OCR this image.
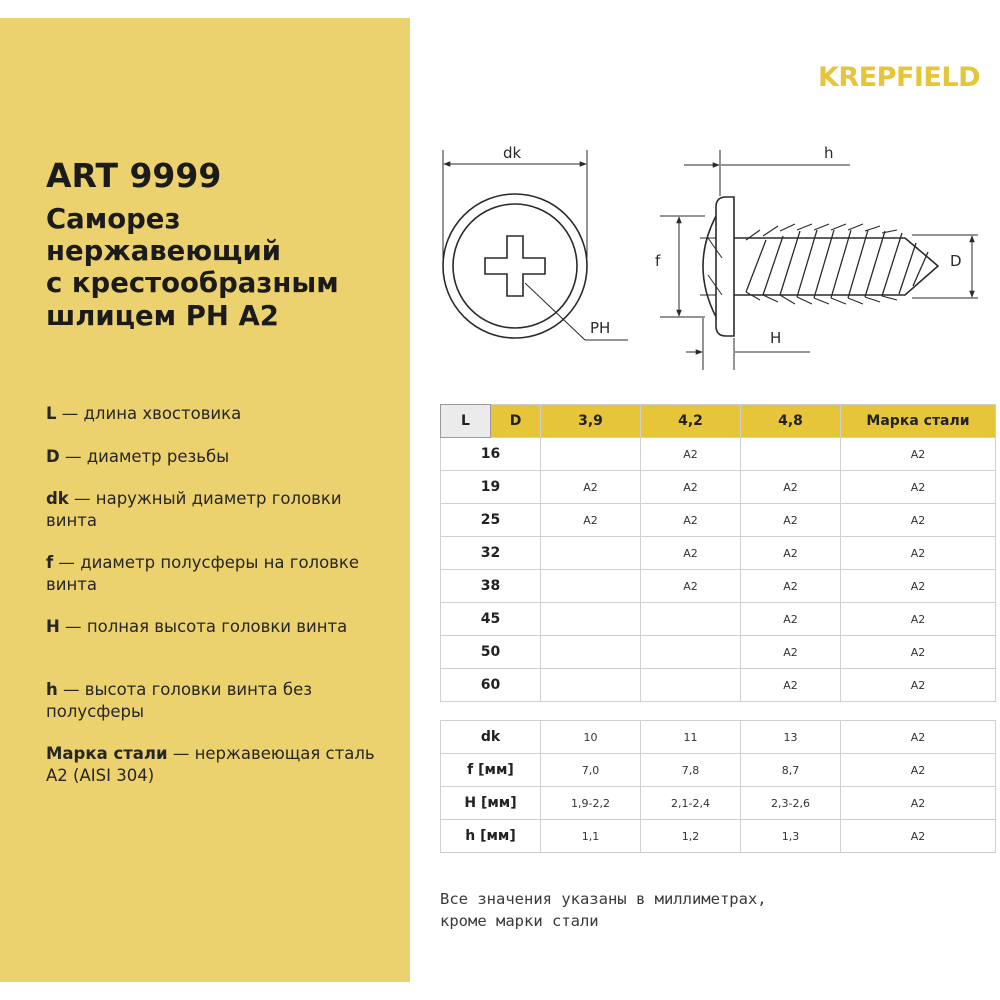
ART 9999
Саморез
нержавеющий
с крестообразным
шлицем PH A2
L — длина хвостовика
D — диаметр резьбы
dk — наружный диаметр головки винта
f — диаметр полусферы на головке винта
H — полная высота головки винта
h — высота головки винта без полусферы
Марка стали — нержавеющая сталь A2 (AISI 304)
KREPFIELD
dk
PH
h
f
H
D
L	D	3,9	4,2	4,8	Марка стали
16			A2		A2
19		A2	A2	A2	A2
25		A2	A2	A2	A2
32			A2	A2	A2
38			A2	A2	A2
45				A2	A2
50				A2	A2
60				A2	A2
dk	10	11	13	A2
f [мм]	7,0	7,8	8,7	A2
H [мм]	1,9-2,2	2,1-2,4	2,3-2,6	A2
h [мм]	1,1	1,2	1,3	A2
Все значения указаны в миллиметрах,
кроме марки стали
